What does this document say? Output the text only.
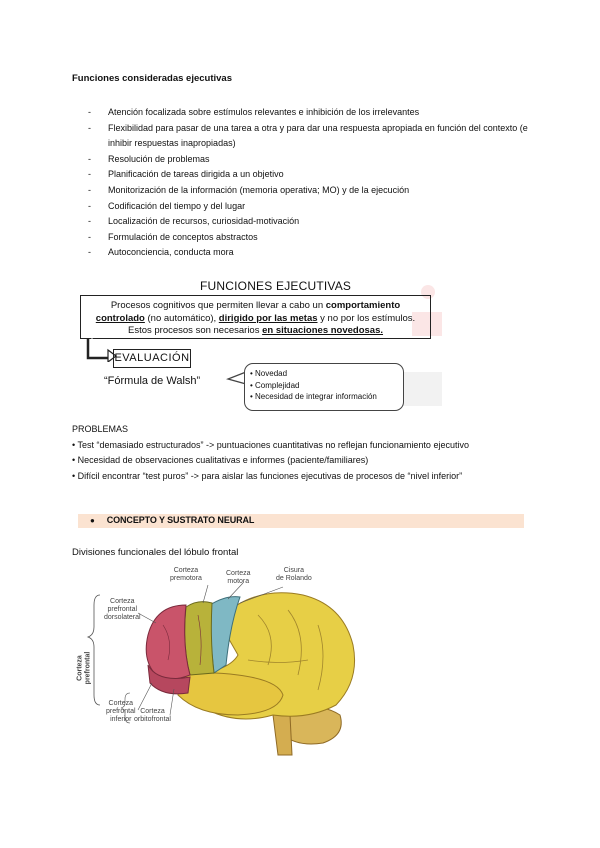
Funciones consideradas ejecutivas
- Atención focalizada sobre estímulos relevantes e inhibición de los irrelevantes
- Flexibilidad para pasar de una tarea a otra y para dar una respuesta apropiada en función del contexto (e inhibir respuestas inapropiadas)
- Resolución de problemas
- Planificación de tareas dirigida a un objetivo
- Monitorización de la información (memoria operativa; MO) y de la ejecución
- Codificación del tiempo y del lugar
- Localización de recursos, curiosidad-motivación
- Formulación de conceptos abstractos
- Autoconciencia, conducta mora
FUNCIONES EJECUTIVAS
Procesos cognitivos que permiten llevar a cabo un comportamiento
controlado (no automático), dirigido por las metas y no por los estímulos.
Estos procesos son necesarios en situaciones novedosas.
EVALUACIÓN
“Fórmula de Walsh”
• Novedad
• Complejidad
• Necesidad de integrar información
PROBLEMAS
• Test “demasiado estructurados” -> puntuaciones cuantitativas no reflejan funcionamiento ejecutivo
• Necesidad de observaciones cualitativas e informes (paciente/familiares)
• Difícil encontrar “test puros” -> para aislar las funciones ejecutivas de procesos de “nivel inferior”
● CONCEPTO Y SUSTRATO NEURAL
Divisiones funcionales del lóbulo frontal
Corteza
premotora
Corteza
motora
Cisura
de Rolando
Corteza
prefrontal
dorsolateral
Corteza
prefrontal
Corteza
prefrontal
inferior
Corteza
orbitofrontal
